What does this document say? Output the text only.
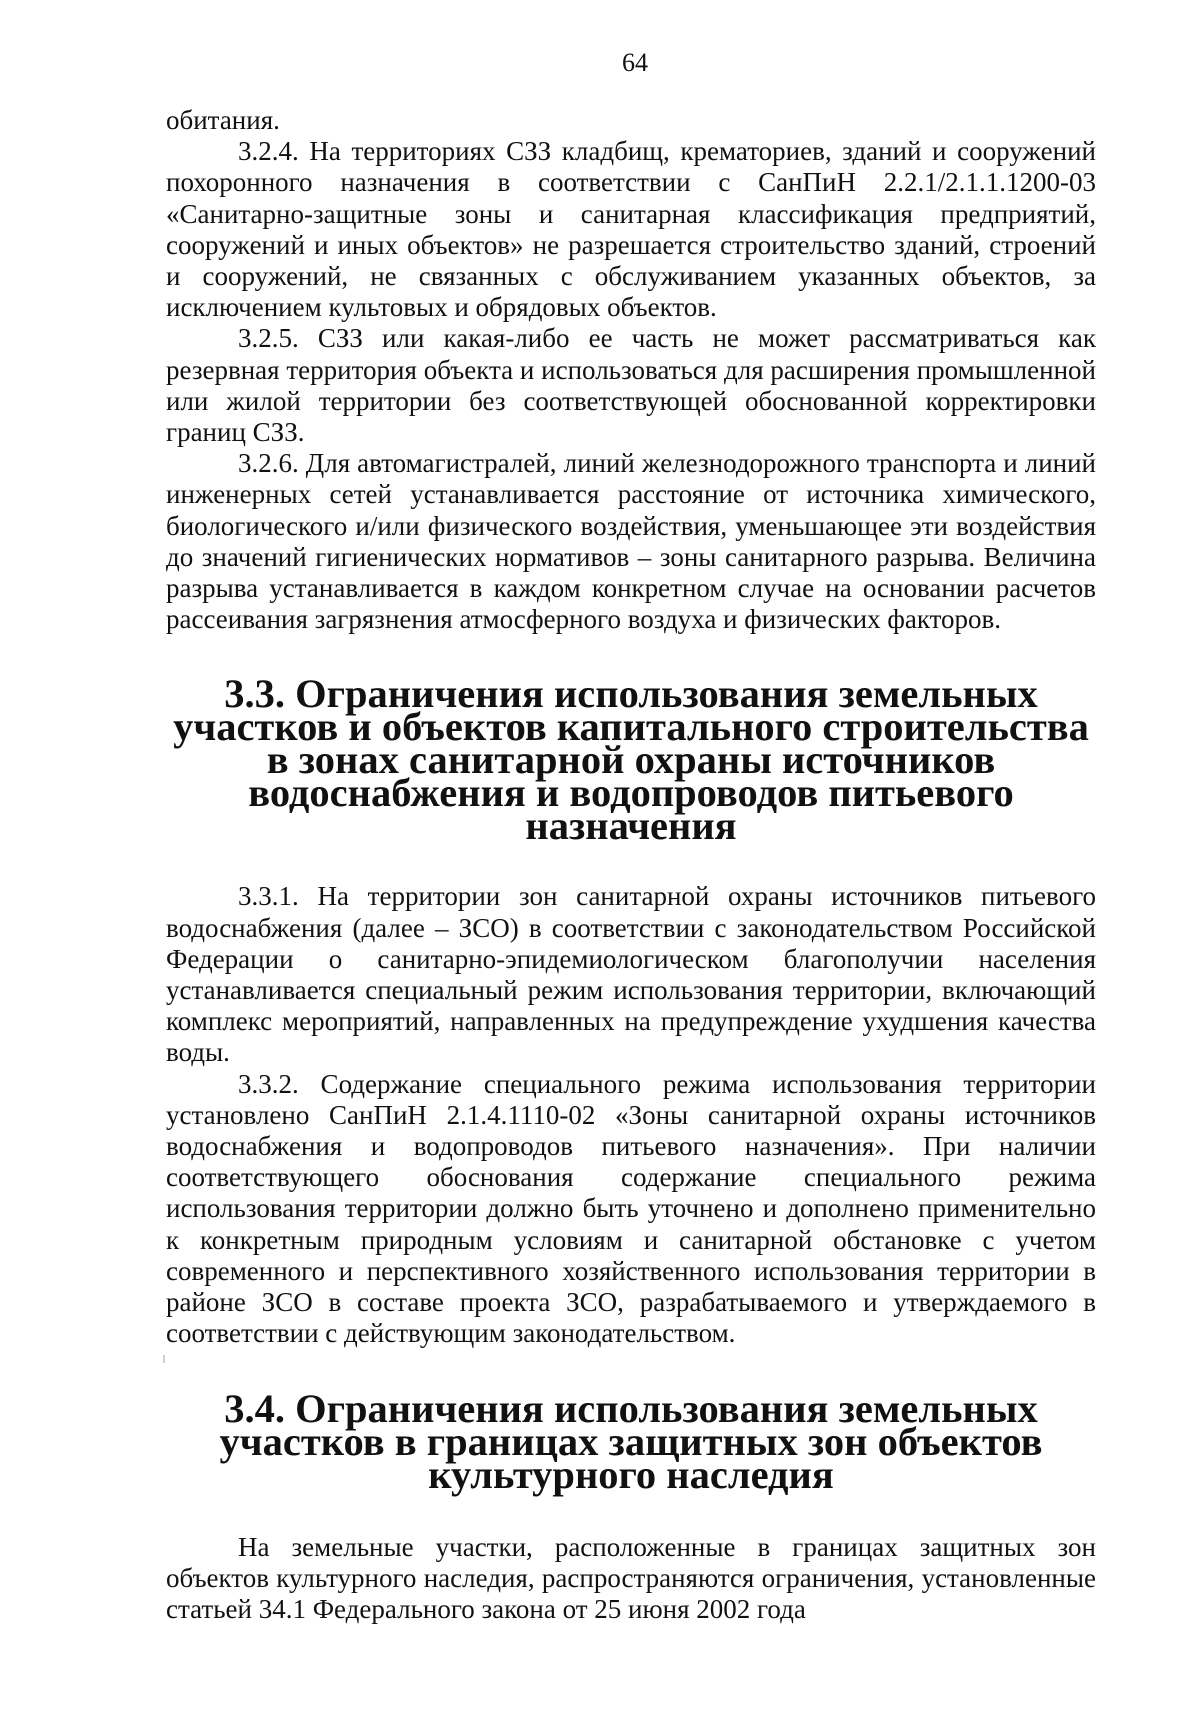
64

обитания.

3.2.4. На территориях СЗЗ кладбищ, крематориев, зданий и сооружений похоронного назначения в соответствии с СанПиН 2.2.1/2.1.1.1200-03 «Санитарно-защитные зоны и санитарная классификация предприятий, сооружений и иных объектов» не разрешается строительство зданий, строений и сооружений, не связанных с обслуживанием указанных объектов, за исключением культовых и обрядовых объектов.

3.2.5. СЗЗ или какая-либо ее часть не может рассматриваться как резервная территория объекта и использоваться для расширения промышленной или жилой территории без соответствующей обоснованной корректировки границ СЗЗ.

3.2.6. Для автомагистралей, линий железнодорожного транспорта и линий инженерных сетей устанавливается расстояние от источника химического, биологического и/или физического воздействия, уменьшающее эти воздействия до значений гигиенических нормативов – зоны санитарного разрыва. Величина разрыва устанавливается в каждом конкретном случае на основании расчетов рассеивания загрязнения атмосферного воздуха и физических факторов.

3.3. Ограничения использования земельных участков и объектов капитального строительства в зонах санитарной охраны источников водоснабжения и водопроводов питьевого назначения

3.3.1. На территории зон санитарной охраны источников питьевого водоснабжения (далее – ЗСО) в соответствии с законодательством Российской Федерации о санитарно-эпидемиологическом благополучии населения устанавливается специальный режим использования территории, включающий комплекс мероприятий, направленных на предупреждение ухудшения качества воды.

3.3.2. Содержание специального режима использования территории установлено СанПиН 2.1.4.1110-02 «Зоны санитарной охраны источников водоснабжения и водопроводов питьевого назначения». При наличии соответствующего обоснования содержание специального режима использования территории должно быть уточнено и дополнено применительно к конкретным природным условиям и санитарной обстановке с учетом современного и перспективного хозяйственного использования территории в районе ЗСО в составе проекта ЗСО, разрабатываемого и утверждаемого в соответствии с действующим законодательством.

3.4. Ограничения использования земельных участков в границах защитных зон объектов культурного наследия

На земельные участки, расположенные в границах защитных зон объектов культурного наследия, распространяются ограничения, установленные статьей 34.1 Федерального закона от 25 июня 2002 года
